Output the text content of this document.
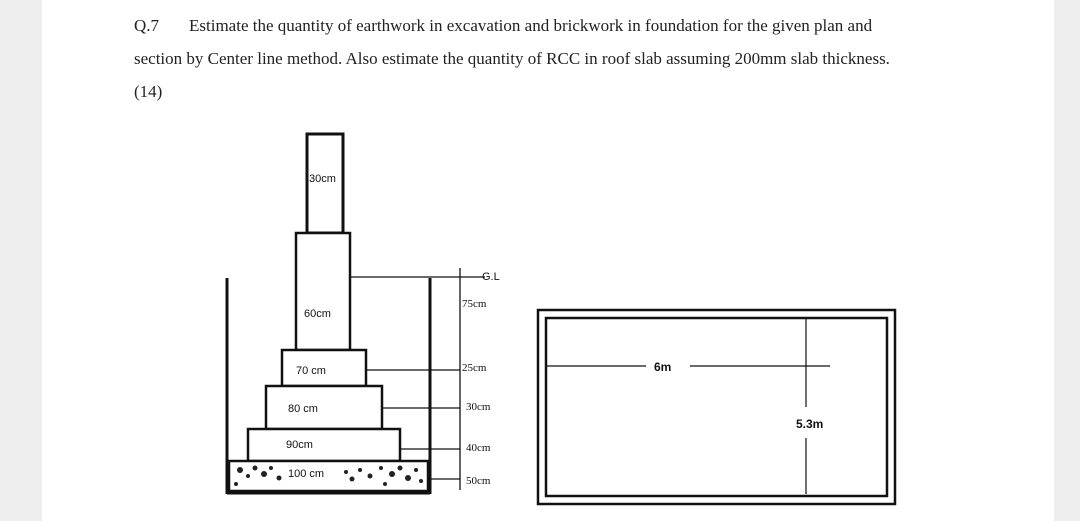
Q.7 Estimate the quantity of earthwork in excavation and brickwork in foundation for the given plan and
section by Center line method. Also estimate the quantity of RCC in roof slab assuming 200mm slab thickness.
(14)
30cm
60cm
70 cm
80 cm
90cm
100 cm
G.L
75cm
25cm
30cm
40cm
50cm
6m
5.3m
